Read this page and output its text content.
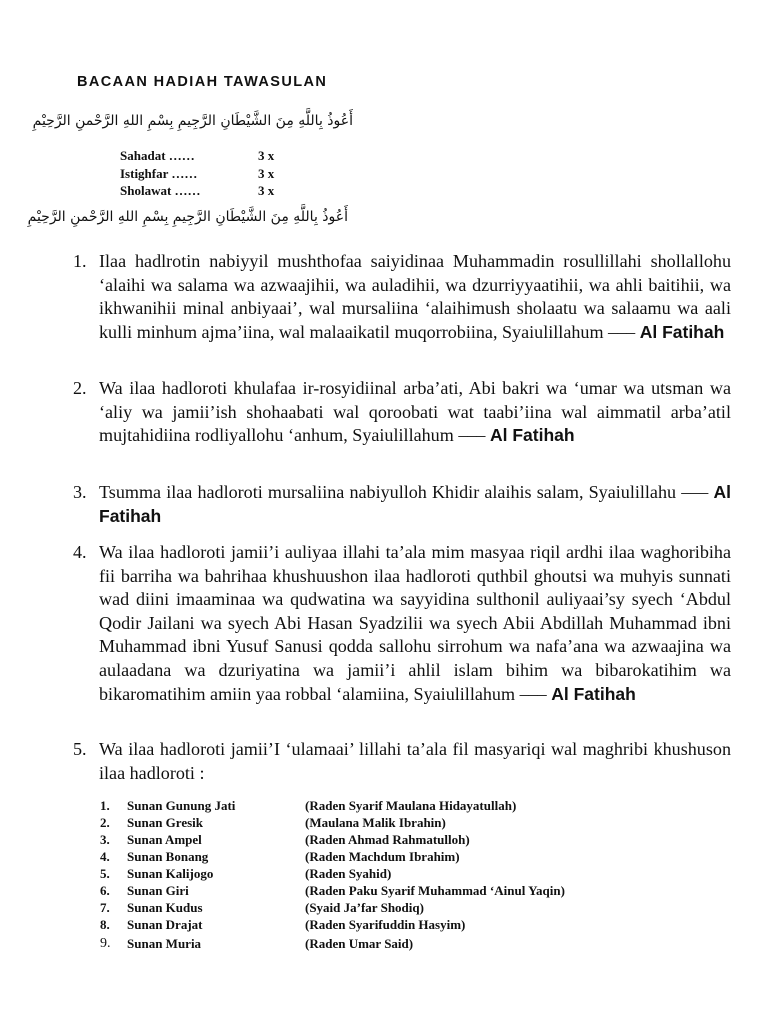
BACAAN HADIAH TAWASULAN
أَعُوذُ بِاللَّهِ مِنَ الشَّيْطَانِ الرَّجِيمِ بِسْمِ اللهِ الرَّحْمنِ الرَّحِيْمِ
Sahadat ……	3 x
Istighfar ……	3 x
Sholawat ……	3 x
أَعُوذُ بِاللَّهِ مِنَ الشَّيْطَانِ الرَّجِيمِ بِسْمِ اللهِ الرَّحْمنِ الرَّحِيْمِ
1. Ilaa hadlrotin nabiyyil mushthofaa saiyidinaa Muhammadin rosullillahi shollallohu ‘alaihi wa salama wa azwaajihii, wa auladihii, wa dzurriyyaatihii, wa ahli baitihii, wa ikhwanihii minal anbiyaai’, wal mursaliina ‘alaihimush sholaatu wa salaamu wa aali kulli minhum ajma’iina, wal malaaikatil muqorrobiina, Syaiulillahum ––– Al Fatihah
2. Wa ilaa hadloroti khulafaa ir-rosyidiinal arba’ati, Abi bakri wa ‘umar wa utsman wa ‘aliy wa jamii’ish shohaabati wal qoroobati wat taabi’iina wal aimmatil arba’atil mujtahidiina rodliyallohu ‘anhum, Syaiulillahum ––– Al Fatihah
3. Tsumma ilaa hadloroti mursaliina nabiyulloh Khidir alaihis salam, Syaiulillahu ––– Al Fatihah
4. Wa ilaa hadloroti jamii’i auliyaa illahi ta’ala mim masyaa riqil ardhi ilaa waghoribiha fii barriha wa bahrihaa khushuushon ilaa hadloroti quthbil ghoutsi wa muhyis sunnati wad diini imaaminaa wa qudwatina wa sayyidina sulthonil auliyaai’sy syech ‘Abdul Qodir Jailani wa syech Abi Hasan Syadzilii wa syech Abii Abdillah Muhammad ibni Muhammad ibni Yusuf Sanusi qodda sallohu sirrohum wa nafa’ana wa azwaajina wa aulaadana wa dzuriyatina wa jamii’i ahlil islam bihim wa bibarokatihim wa bikaromatihim amiin yaa robbal ‘alamiina, Syaiulillahum ––– Al Fatihah
5. Wa ilaa hadloroti jamii’I ‘ulamaai’ lillahi ta’ala fil masyariqi wal maghribi khushuson ilaa hadloroti :
1.	Sunan Gunung Jati	(Raden Syarif Maulana Hidayatullah)
2.	Sunan Gresik	(Maulana Malik Ibrahin)
3.	Sunan Ampel	(Raden Ahmad Rahmatulloh)
4.	Sunan Bonang	(Raden Machdum Ibrahim)
5.	Sunan Kalijogo	(Raden Syahid)
6.	Sunan Giri	(Raden Paku Syarif Muhammad ‘Ainul Yaqin)
7.	Sunan Kudus	(Syaid Ja’far Shodiq)
8.	Sunan Drajat	(Raden Syarifuddin Hasyim)
9.	Sunan Muria	(Raden Umar Said)
